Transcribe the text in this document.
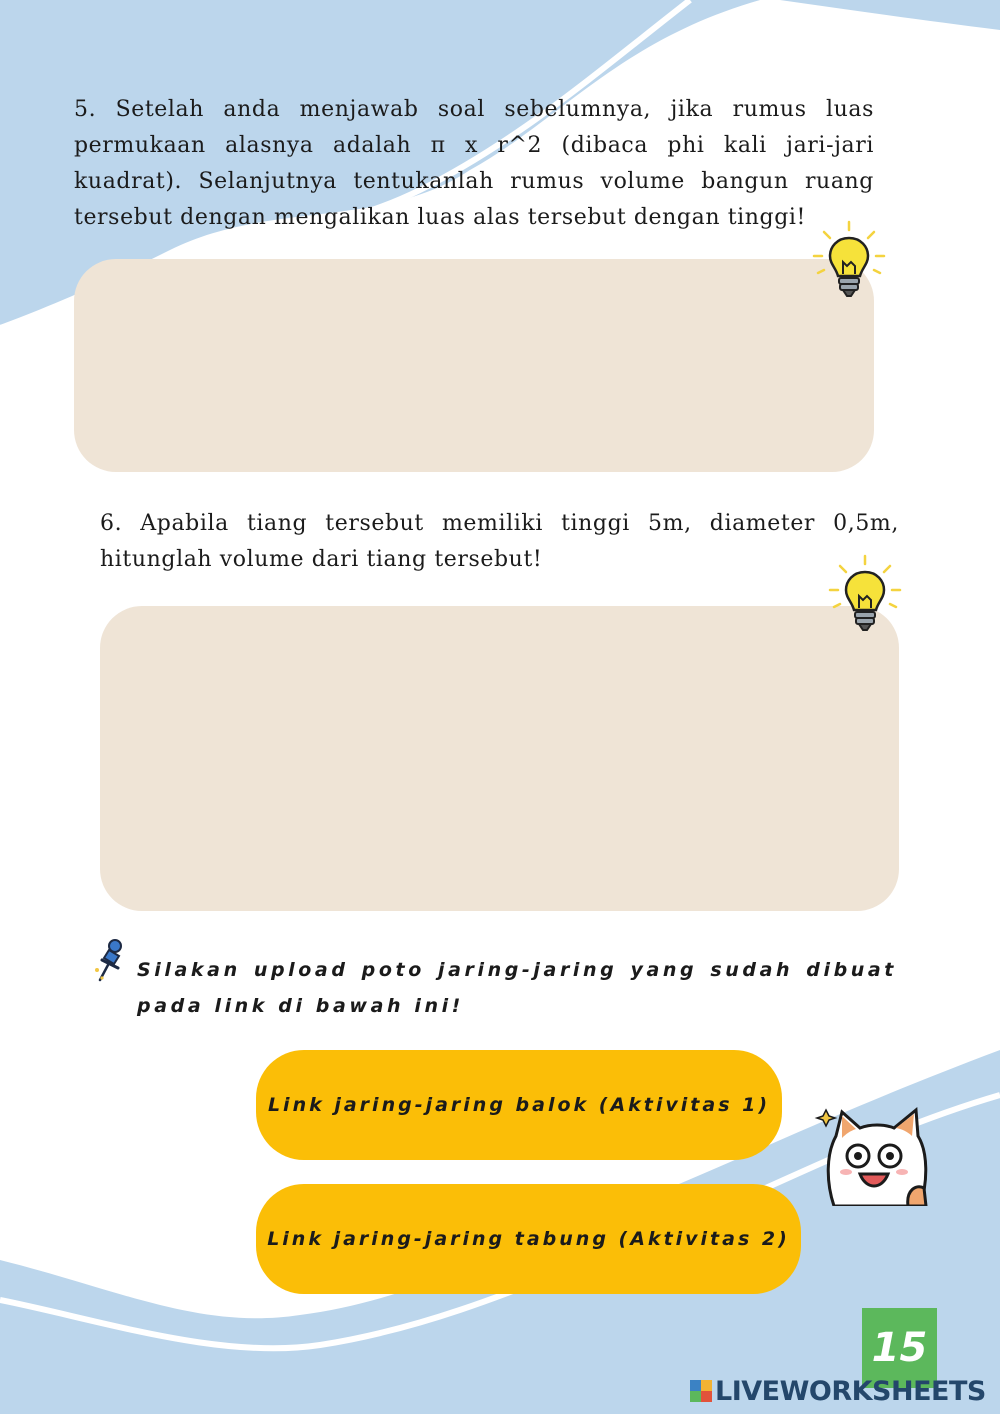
5. Setelah anda menjawab soal sebelumnya, jika rumus luas permukaan alasnya adalah π x r^2 (dibaca phi kali jari-jari kuadrat). Selanjutnya tentukanlah rumus volume bangun ruang tersebut dengan mengalikan luas alas tersebut dengan tinggi!
6. Apabila tiang tersebut memiliki tinggi 5m, diameter 0,5m, hitunglah volume dari tiang tersebut!
Silakan upload poto jaring-jaring yang sudah dibuat pada link di bawah ini!
Link jaring-jaring balok (Aktivitas 1)
Link jaring-jaring tabung (Aktivitas 2)
15
LIVEWORKSHEETS
